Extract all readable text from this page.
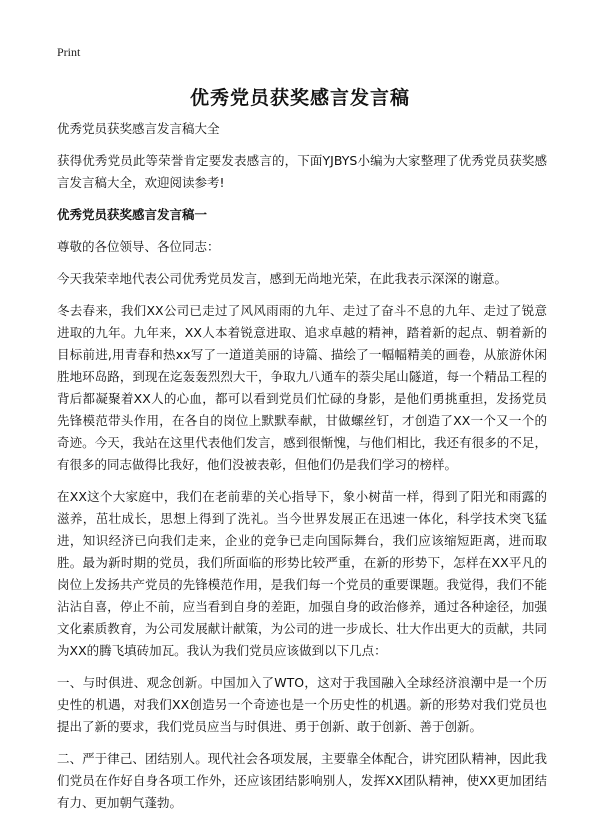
Print
优秀党员获奖感言发言稿

优秀党员获奖感言发言稿大全

获得优秀党员此等荣誉肯定要发表感言的，下面YJBYS小编为大家整理了优秀党员获奖感言发言稿大全，欢迎阅读参考!

优秀党员获奖感言发言稿一

尊敬的各位领导、各位同志：

今天我荣幸地代表公司优秀党员发言，感到无尚地光荣，在此我表示深深的谢意。

冬去春来，我们XX公司已走过了风风雨雨的九年、走过了奋斗不息的九年、走过了锐意进取的九年。九年来，XX人本着锐意进取、追求卓越的精神，踏着新的起点、朝着新的目标前进,用青春和热xx写了一道道美丽的诗篇、描绘了一幅幅精美的画卷，从旅游休闲胜地环岛路，到现在迄轰轰烈烈大干，争取九八通车的萘尖尾山隧道，每一个精品工程的背后都凝聚着XX人的心血，都可以看到党员们忙碌的身影，是他们勇挑重担，发扬党员先锋模范带头作用，在各自的岗位上默默奉献，甘做螺丝钉，才创造了XX一个又一个的奇迹。今天，我站在这里代表他们发言，感到很惭愧，与他们相比，我还有很多的不足，有很多的同志做得比我好，他们没被表彰，但他们仍是我们学习的榜样。

在XX这个大家庭中，我们在老前辈的关心指导下，象小树苗一样，得到了阳光和雨露的滋养，茁壮成长，思想上得到了洗礼。当今世界发展正在迅速一体化，科学技术突飞猛进，知识经济已向我们走来，企业的竞争已走向国际舞台，我们应该缩短距离，进而取胜。最为新时期的党员，我们所面临的形势比较严重，在新的形势下，怎样在XX平凡的岗位上发扬共产党员的先锋模范作用，是我们每一个党员的重要课题。我觉得，我们不能沾沾自喜，停止不前，应当看到自身的差距，加强自身的政治修养，通过各种途径，加强文化素质教育，为公司发展献计献策，为公司的进一步成长、壮大作出更大的贡献，共同为XX的腾飞填砖加瓦。我认为我们党员应该做到以下几点：

一、与时俱进、观念创新。中国加入了WTO，这对于我国融入全球经济浪潮中是一个历史性的机遇，对我们XX创造另一个奇迹也是一个历史性的机遇。新的形势对我们党员也提出了新的要求，我们党员应当与时俱进、勇于创新、敢于创新、善于创新。

二、严于律己、团结别人。现代社会各项发展，主要靠全体配合，讲究团队精神，因此我们党员在作好自身各项工作外，还应该团结影响别人，发挥XX团队精神，使XX更加团结有力、更加朝气蓬勃。
